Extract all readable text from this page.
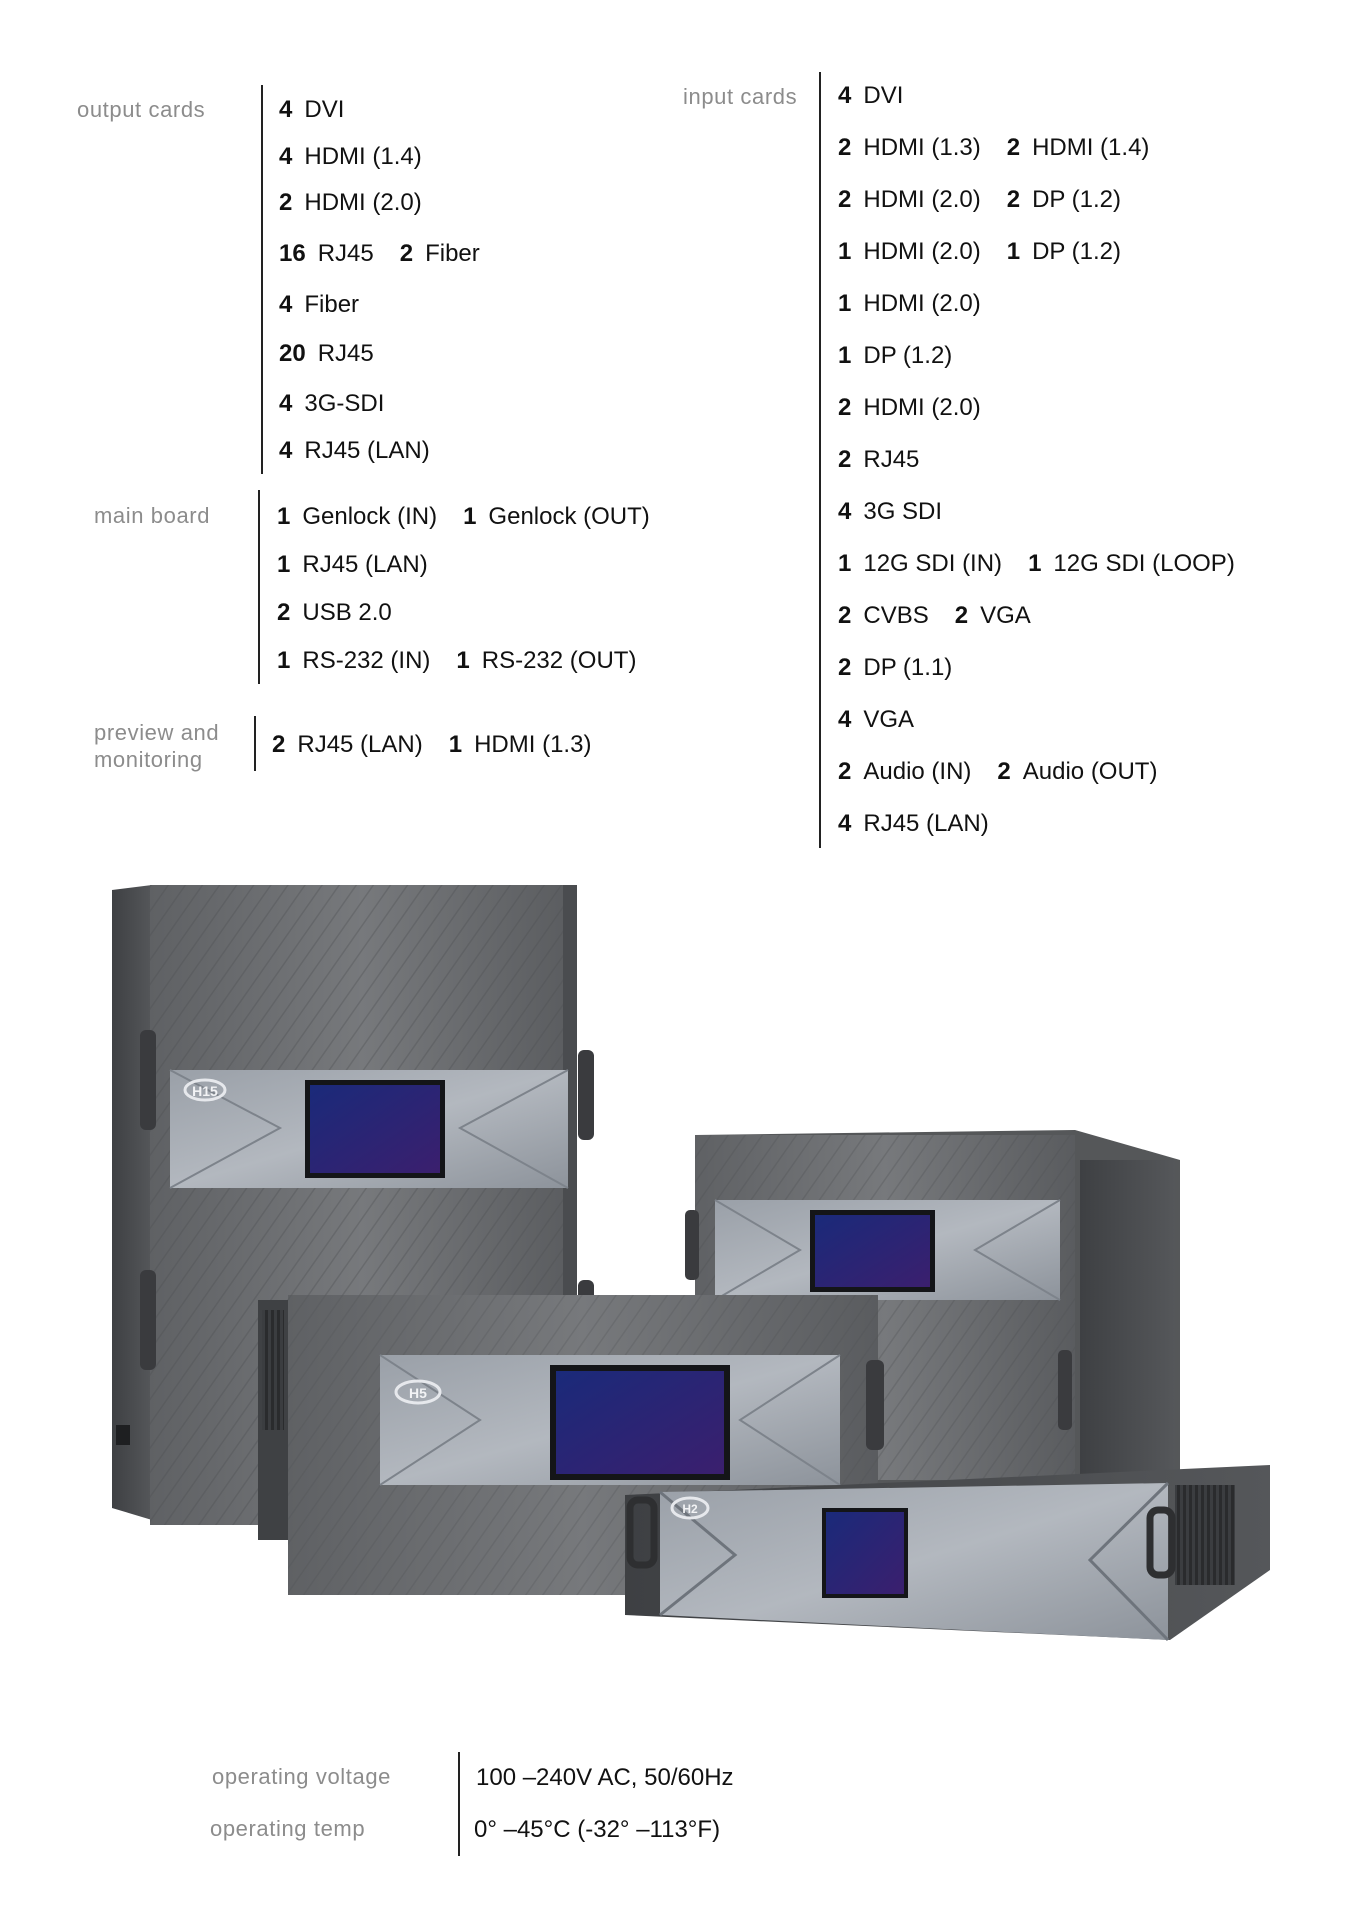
output cards	4 DVI
4 HDMI (1.4)
2 HDMI (2.0)
16 RJ45 2 Fiber
4 Fiber
20 RJ45
4 3G-SDI
4 RJ45 (LAN)
main board	1 Genlock (IN) 1 Genlock (OUT)
1 RJ45 (LAN)
2 USB 2.0
1 RS-232 (IN) 1 RS-232 (OUT)
preview and
monitoring
2 RJ45 (LAN) 1 HDMI (1.3)
input cards 4 DVI
2 HDMI (1.3) 2 HDMI (1.4)
2 HDMI (2.0) 2 DP (1.2)
1 HDMI (2.0) 1 DP (1.2)
1 HDMI (2.0)
1 DP (1.2)
2 HDMI (2.0)
2 RJ45
4 3G SDI
1 12G SDI (IN) 1 12G SDI (LOOP)
2 CVBS 2 VGA
2 DP (1.1)
4 VGA
2 Audio (IN) 2 Audio (OUT)
4 RJ45 (LAN)
H15
H5
H2
operating voltage
operating temp
100 –240V AC, 50/60Hz
0° –45°C (-32° –113°F)
